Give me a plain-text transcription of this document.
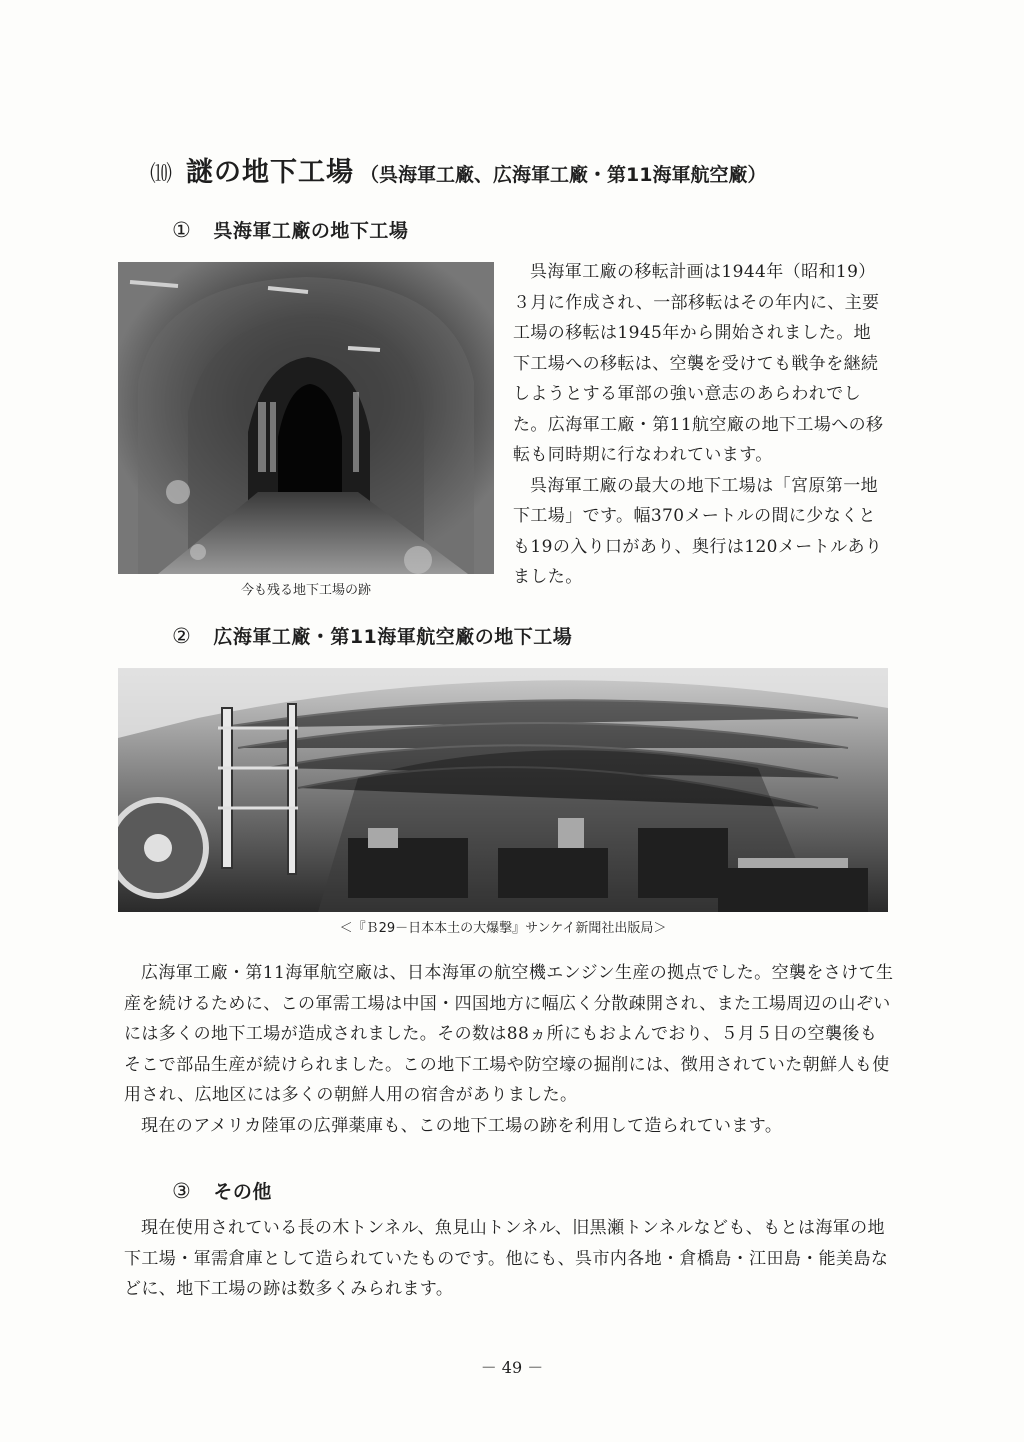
⑽ 謎の地下工場 （呉海軍工廠、広海軍工廠・第11海軍航空廠）
① 呉海軍工廠の地下工場
今も残る地下工場の跡

呉海軍工廠の移転計画は1944年（昭和19）３月に作成され、一部移転はその年内に、主要工場の移転は1945年から開始されました。地下工場への移転は、空襲を受けても戦争を継続しようとする軍部の強い意志のあらわれでした。広海軍工廠・第11航空廠の地下工場への移転も同時期に行なわれています。

呉海軍工廠の最大の地下工場は「宮原第一地下工場」です。幅370メートルの間に少なくとも19の入り口があり、奥行は120メートルありました。

② 広海軍工廠・第11海軍航空廠の地下工場
＜『Ｂ29－日本本土の大爆撃』サンケイ新聞社出版局＞

広海軍工廠・第11海軍航空廠は、日本海軍の航空機エンジン生産の拠点でした。空襲をさけて生産を続けるために、この軍需工場は中国・四国地方に幅広く分散疎開され、また工場周辺の山ぞいには多くの地下工場が造成されました。その数は88ヵ所にもおよんでおり、５月５日の空襲後もそこで部品生産が続けられました。この地下工場や防空壕の掘削には、徴用されていた朝鮮人も使用され、広地区には多くの朝鮮人用の宿舎がありました。

現在のアメリカ陸軍の広弾薬庫も、この地下工場の跡を利用して造られています。

③ その他

現在使用されている長の木トンネル、魚見山トンネル、旧黒瀬トンネルなども、もとは海軍の地下工場・軍需倉庫として造られていたものです。他にも、呉市内各地・倉橋島・江田島・能美島などに、地下工場の跡は数多くみられます。

－ 49 －
